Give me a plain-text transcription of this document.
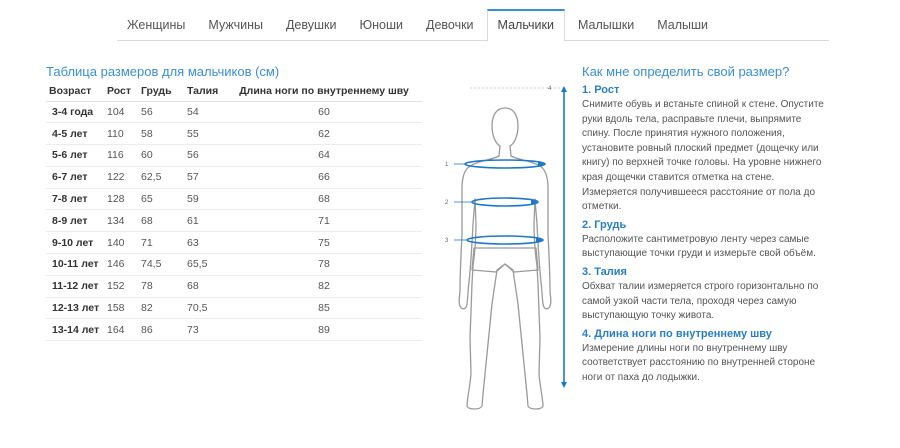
Женщины	Мужчины	Девушки	Юноши	Девочки	Мальчики	Малышки	Малыши
Таблица размеров для мальчиков (см)
Возраст	Рост	Грудь	Талия	Длина ноги по внутреннему шву
3-4 года	104	56	54	60
4-5 лет	110	58	55	62
5-6 лет	116	60	56	64
6-7 лет	122	62,5	57	66
7-8 лет	128	65	59	68
8-9 лет	134	68	61	71
9-10 лет	140	71	63	75
10-11 лет	146	74,5	65,5	78
11-12 лет	152	78	68	82
12-13 лет	158	82	70,5	85
13-14 лет	164	86	73	89
1
2
3
4
Как мне определить свой размер?
1. Рост
Снимите обувь и встаньте спиной к стене. Опустите руки вдоль тела, расправьте плечи, выпрямите спину. После принятия нужного положения, установите ровный плоский предмет (дощечку или книгу) по верхней точке головы. На уровне нижнего края дощечки ставится отметка на стене. Измеряется получившееся расстояние от пола до отметки.
2. Грудь
Расположите сантиметровую ленту через самые выступающие точки груди и измерьте свой объём.
3. Талия
Обхват талии измеряется строго горизонтально по самой узкой части тела, проходя через самую выступающую точку живота.
4. Длина ноги по внутреннему шву
Измерение длины ноги по внутреннему шву соответствует расстоянию по внутренней стороне ноги от паха до лодыжки.
